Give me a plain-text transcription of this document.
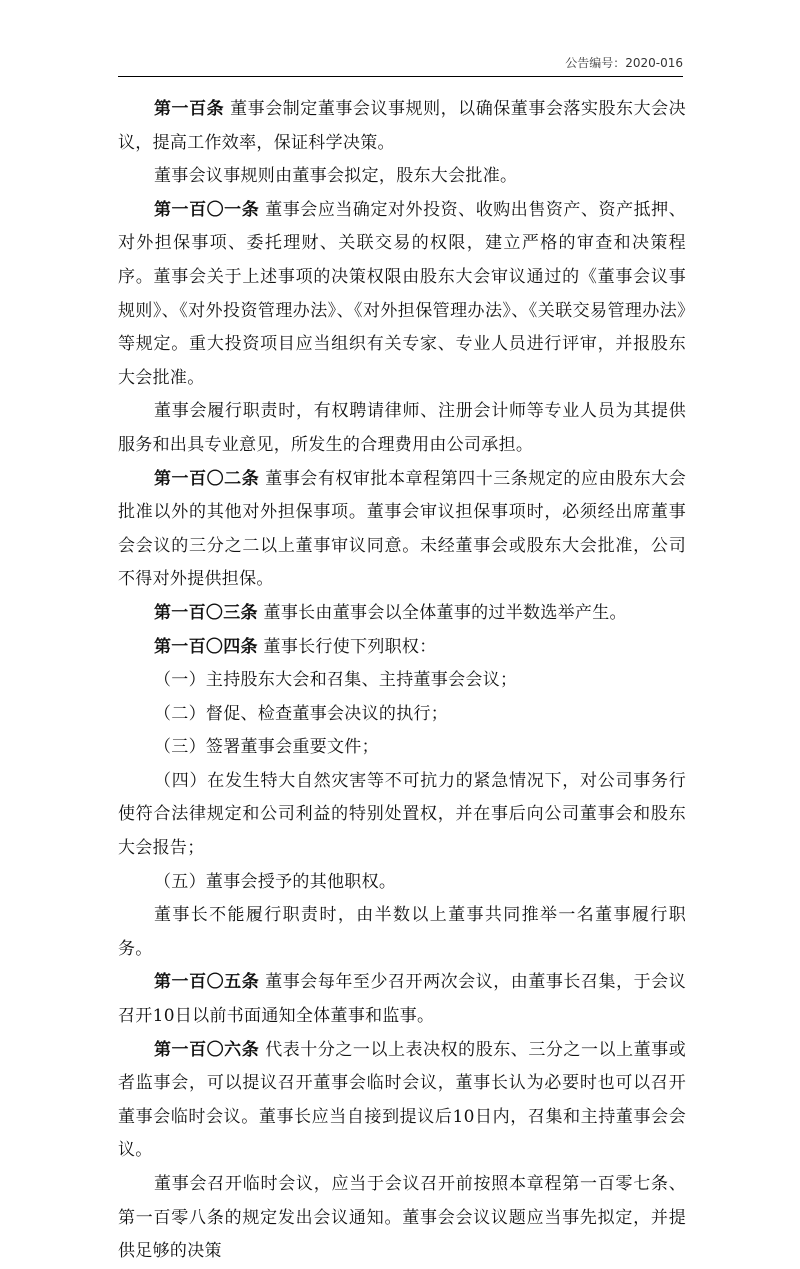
公告编号：2020-016

第一百条 董事会制定董事会议事规则，以确保董事会落实股东大会决议，提高工作效率，保证科学决策。

董事会议事规则由董事会拟定，股东大会批准。

第一百〇一条 董事会应当确定对外投资、收购出售资产、资产抵押、对外担保事项、委托理财、关联交易的权限，建立严格的审查和决策程序。董事会关于上述事项的决策权限由股东大会审议通过的《董事会议事规则》、《对外投资管理办法》、《对外担保管理办法》、《关联交易管理办法》等规定。重大投资项目应当组织有关专家、专业人员进行评审，并报股东大会批准。

董事会履行职责时，有权聘请律师、注册会计师等专业人员为其提供服务和出具专业意见，所发生的合理费用由公司承担。

第一百〇二条 董事会有权审批本章程第四十三条规定的应由股东大会批准以外的其他对外担保事项。董事会审议担保事项时，必须经出席董事会会议的三分之二以上董事审议同意。未经董事会或股东大会批准，公司不得对外提供担保。

第一百〇三条 董事长由董事会以全体董事的过半数选举产生。

第一百〇四条 董事长行使下列职权：

（一）主持股东大会和召集、主持董事会会议；

（二）督促、检查董事会决议的执行；

（三）签署董事会重要文件；

（四）在发生特大自然灾害等不可抗力的紧急情况下，对公司事务行使符合法律规定和公司利益的特别处置权，并在事后向公司董事会和股东大会报告；

（五）董事会授予的其他职权。

董事长不能履行职责时，由半数以上董事共同推举一名董事履行职务。

第一百〇五条 董事会每年至少召开两次会议，由董事长召集，于会议召开10日以前书面通知全体董事和监事。

第一百〇六条 代表十分之一以上表决权的股东、三分之一以上董事或者监事会，可以提议召开董事会临时会议，董事长认为必要时也可以召开董事会临时会议。董事长应当自接到提议后10日内，召集和主持董事会会议。

董事会召开临时会议，应当于会议召开前按照本章程第一百零七条、第一百零八条的规定发出会议通知。董事会会议议题应当事先拟定，并提供足够的决策
